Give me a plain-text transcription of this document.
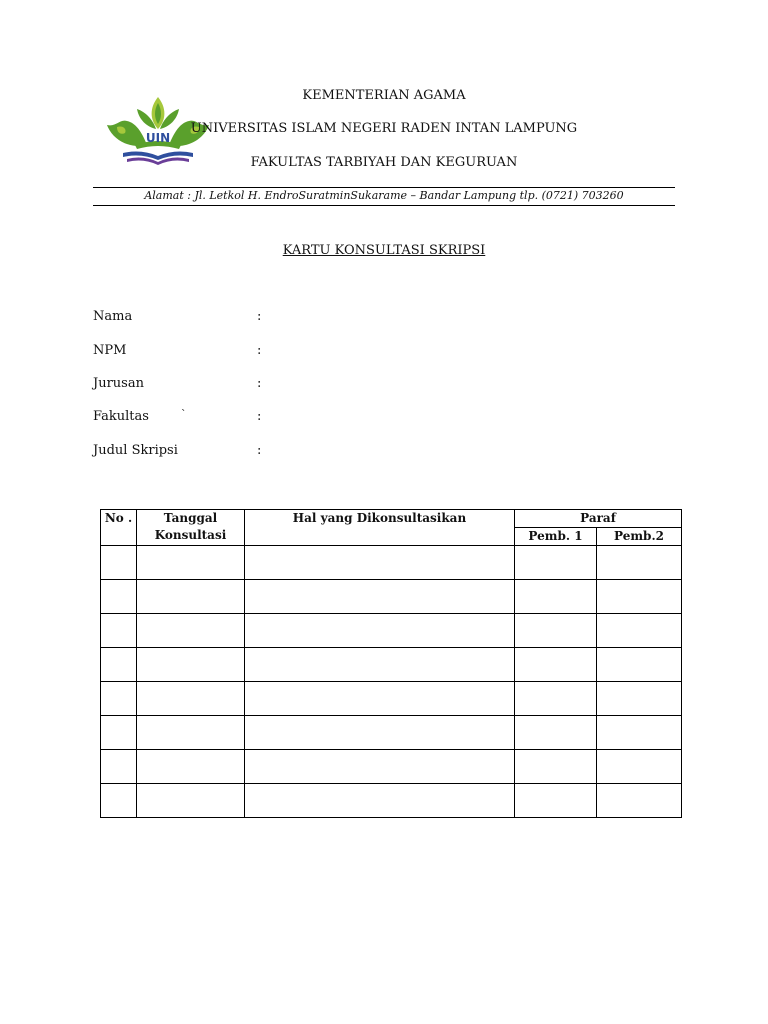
UIN
KEMENTERIAN AGAMA
UNIVERSITAS ISLAM NEGERI RADEN INTAN LAMPUNG
FAKULTAS TARBIYAH DAN KEGURUAN
Alamat : Jl. Letkol H. EndroSuratminSukarame – Bandar Lampung tlp. (0721) 703260
KARTU KONSULTASI SKRIPSI
Nama	:
NPM	:
Jurusan	:
Fakultas	`	:
Judul Skripsi	:
No .	Tanggal Konsultasi	Hal yang Dikonsultasikan	Paraf	
			Pemb. 1	Pemb.2
